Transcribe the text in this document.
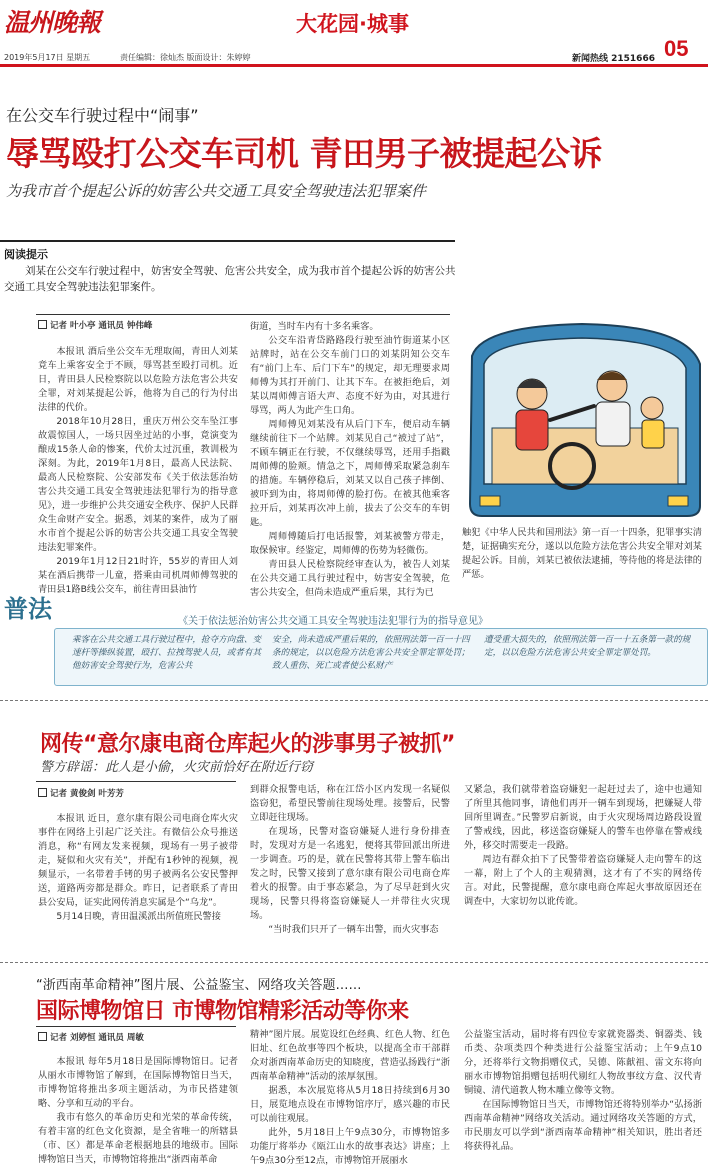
温州晚報	大花园·城事
05
2019年5月17日 星期五	责任编辑：徐灿杰 版面设计：朱婷婷	新闻热线 2151666
在公交车行驶过程中“闹事”
辱骂殴打公交车司机 青田男子被提起公诉
为我市首个提起公诉的妨害公共交通工具安全驾驶违法犯罪案件
阅读提示

刘某在公交车行驶过程中，妨害安全驾驶、危害公共安全，成为我市首个提起公诉的妨害公共交通工具安全驾驶违法犯罪案件。

记者 叶小亭 通讯员 钟伟峰

本报讯 酒后坐公交车无理取闹，青田人刘某竟车上乘客安全于不顾，辱骂甚至殴打司机。近日，青田县人民检察院以以危险方法危害公共安全罪，对刘某提起公诉，他将为自己的行为付出法律的代价。

2018年10月28日，重庆万州公交车坠江事故震惊国人，一场只因坐过站的小事，竟演变为酿成15条人命的惨案，代价太过沉重，教训极为深刻。为此，2019年1月8日，最高人民法院、最高人民检察院、公安部发布《关于依法惩治妨害公共交通工具安全驾驶违法犯罪行为的指导意见》，进一步维护公共交通安全秩序、保护人民群众生命财产安全。据悉，刘某的案件，成为了丽水市首个提起公诉的妨害公共交通工具安全驾驶违法犯罪案件。

2019年1月12日21时许，55岁的青田人刘某在酒后携带一儿童，搭乘由司机周师傅驾驶的青田县1路B线公交车，前往青田县油竹

街道，当时车内有十多名乘客。

公交车沿青岱路路段行驶至油竹街道某小区站牌时，站在公交车前门口的刘某阴知公交车有“前门上车、后门下车”的规定，却无理要求周师傅为其打开前门、让其下车。在被拒绝后，刘某以周师傅言语大声、态度不好为由，对其进行辱骂，两人为此产生口角。

周师傅见刘某没有从后门下车，便启动车辆继续前往下一个站牌。刘某见自己“被过了站”，不顾车辆正在行驶，不仅继续辱骂，还用手指戳周师傅的脸颊。情急之下，周师傅采取紧急刹车的措施。车辆停稳后，刘某又以自己孩子摔倒、被吓到为由，将周师傅的脸打伤。在被其他乘客拉开后，刘某再次冲上前，拔去了公交车的车钥匙。

周师傅随后打电话报警，刘某被警方带走，取保候审。经鉴定，周师傅的伤势为轻微伤。

青田县人民检察院经审查认为，被告人刘某在公共交通工具行驶过程中，妨害安全驾驶，危害公共安全，但尚未造成严重后果，其行为已

触犯《中华人民共和国刑法》第一百一十四条，犯罪事实清楚，证据确实充分，遂以以危险方法危害公共安全罪对刘某提起公诉。目前，刘某已被依法逮捕，等待他的将是法律的严惩。

普法	《关于依法惩治妨害公共交通工具安全驾驶违法犯罪行为的指导意见》

乘客在公共交通工具行驶过程中，抢夺方向盘、变速杆等操纵装置，殴打、拉拽驾驶人员，或者有其他妨害安全驾驶行为，危害公共

安全，尚未造成严重后果的，依照刑法第一百一十四条的规定，以以危险方法危害公共安全罪定罪处罚；致人重伤、死亡或者使公私财产

遭受重大损失的，依照刑法第一百一十五条第一款的规定，以以危险方法危害公共安全罪定罪处罚。

网传“意尔康电商仓库起火的涉事男子被抓”
警方辟谣：此人是小偷，火灾前恰好在附近行窃
记者 黄俊剑 叶芳芳

本报讯 近日，意尔康有限公司电商仓库火灾事件在网络上引起广泛关注。有微信公众号推送消息，称“有网友发来视频，现场有一男子被带走，疑似和火灾有关”，并配有1秒钟的视频，视频显示，一名带着手铐的男子被两名公安民警押送，道路两旁都是群众。昨日，记者联系了青田县公安局，证实此网传消息实属是个“乌龙”。

5月14日晚，青田温溪派出所值班民警接

到群众报警电话，称在江岱小区内发现一名疑似盗窃犯，希望民警前往现场处理。接警后，民警立即赶往现场。

在现场，民警对盗窃嫌疑人进行身份排查时，发现对方是一名逃犯，便将其带回派出所进一步调查。巧的是，就在民警将其带上警车临出发之时，民警又接到了意尔康有限公司电商仓库着火的报警。由于事态紧急，为了尽早赶到火灾现场，民警只得将盗窃嫌疑人一并带往火灾现场。

“当时我们只开了一辆车出警，而火灾事态

又紧急，我们就带着盗窃嫌犯一起赶过去了，途中也通知了所里其他同事，请他们再开一辆车到现场，把嫌疑人带回所里调查。”民警罗启新说，由于火灾现场周边路段设置了警戒线，因此，移送盗窃嫌疑人的警车也停靠在警戒线外，移交时需要走一段路。

周边有群众拍下了民警带着盗窃嫌疑人走向警车的这一幕，附上了个人的主观猜测，这才有了不实的网络传言。对此，民警提醒，意尔康电商仓库起火事故原因还在调查中，大家切勿以讹传讹。

“浙西南革命精神”图片展、公益鉴宝、网络攻关答题……
国际博物馆日 市博物馆精彩活动等你来
记者 刘婷恒 通讯员 周敏

本报讯 每年5月18日是国际博物馆日。记者从丽水市博物馆了解到，在国际博物馆日当天，市博物馆将推出多项主题活动，为市民搭建领略、分享和互动的平台。

我市有悠久的革命历史和光荣的革命传统，有着丰富的红色文化资源，是全省唯一的所辖县（市、区）都是革命老根据地县的地级市。国际博物馆日当天，市博物馆将推出“浙西南革命

精神”图片展。展览设红色经典、红色人物、红色旧址、红色故事等四个板块，以提高全市干部群众对浙西南革命历史的知晓度，营造弘扬践行“浙西南革命精神”活动的浓厚氛围。

据悉，本次展览将从5月18日持续到6月30日，展览地点设在市博物馆序厅，感兴趣的市民可以前往观展。

此外，5月18日上午9点30分，市博物馆多功能厅将举办《瓯江山水的故事表达》讲座；上午9点30分至12点，市博物馆开展丽水

公益鉴宝活动，届时将有四位专家就瓷器类、铜器类、钱币类、杂项类四个种类进行公益鉴宝活动；上午9点10分，还将举行文物捐赠仪式，吴德、陈献祖、雷文东将向丽水市博物馆捐赠包括明代剔红人物故事纹方盒、汉代青铜镜、清代道教人物木雕立像等文物。

在国际博物馆日当天，市博物馆还将特别举办“弘扬浙西南革命精神”网络攻关活动。通过网络攻关答题的方式，市民朋友可以学到“浙西南革命精神”相关知识，胜出者还将获得礼品。
